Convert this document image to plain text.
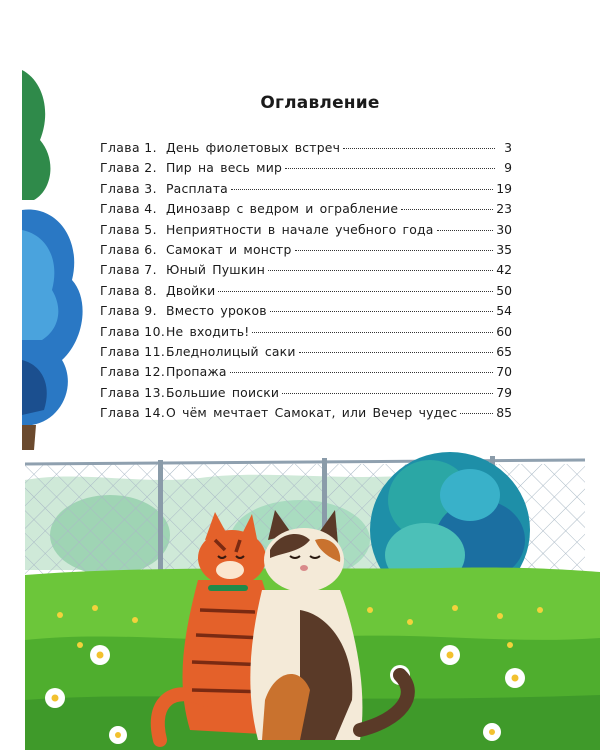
Оглавление
Глава 1. День фиолетовых встреч	3
Глава 2. Пир на весь мир	9
Глава 3. Расплата	19
Глава 4. Динозавр с ведром и ограбление	23
Глава 5. Неприятности в начале учебного года	30
Глава 6. Самокат и монстр	35
Глава 7. Юный Пушкин	42
Глава 8. Двойки	50
Глава 9. Вместо уроков	54
Глава 10. Не входить!	60
Глава 11. Бледнолицый саки	65
Глава 12. Пропажа	70
Глава 13. Большие поиски	79
Глава 14. О чём мечтает Самокат, или Вечер чудес	85
